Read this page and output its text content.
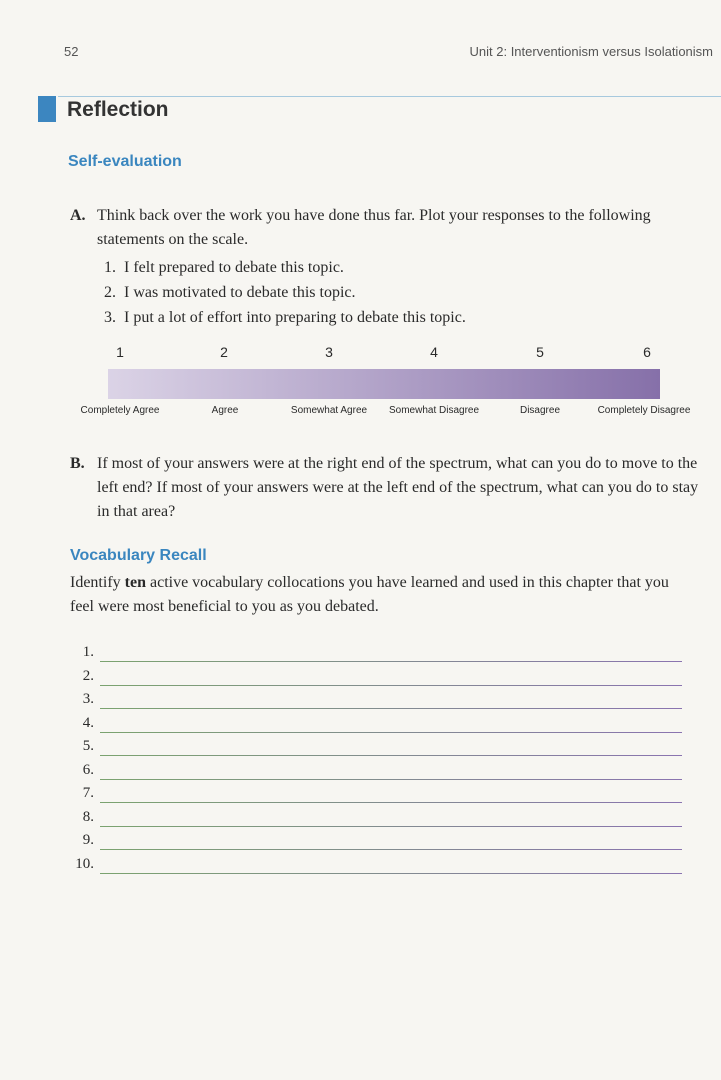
52	Unit 2: Interventionism versus Isolationism
Reflection
Self-evaluation
A. Think back over the work you have done thus far. Plot your responses to the following statements on the scale.
1. I felt prepared to debate this topic.
2. I was motivated to debate this topic.
3. I put a lot of effort into preparing to debate this topic.
1	2	3	4	5	6
Completely Agree	Agree	Somewhat Agree Somewhat Disagree	Disagree	Completely Disagree
B. If most of your answers were at the right end of the spectrum, what can you do to move to the left end? If most of your answers were at the left end of the spectrum, what can you do to stay in that area?
Vocabulary Recall
Identify ten active vocabulary collocations you have learned and used in this chapter that you feel were most beneficial to you as you debated.
1.
2.
3.
4.
5.
6.
7.
8.
9.
10.
